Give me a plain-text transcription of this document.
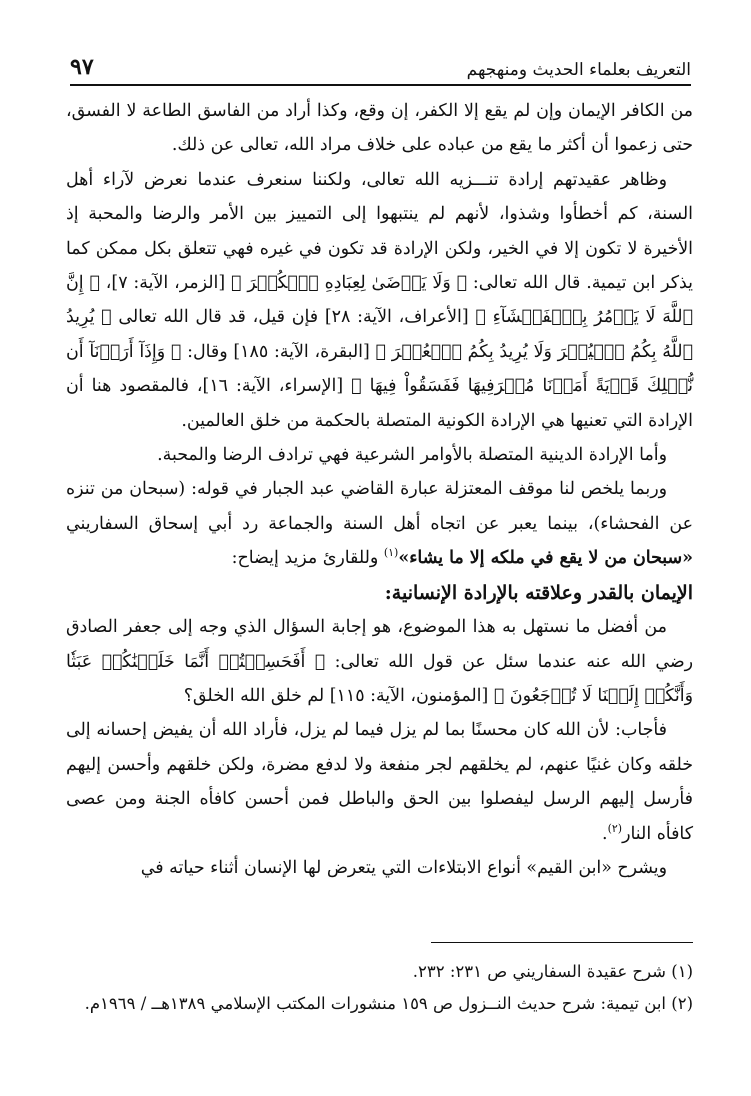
التعريف بعلماء الحديث ومنهجهم
٩٧

من الكافر الإيمان وإن لم يقع إلا الكفر، إن وقع، وكذا أراد من الفاسق الطاعة لا الفسق، حتى زعموا أن أكثر ما يقع من عباده على خلاف مراد الله، تعالى عن ذلك.

وظاهر عقيدتهم إرادة تنـــزيه الله تعالى، ولكننا سنعرف عندما نعرض لآراء أهل السنة، كم أخطأوا وشذوا، لأنهم لم ينتبهوا إلى التمييز بين الأمر والرضا والمحبة إذ الأخيرة لا تكون إلا في الخير، ولكن الإرادة قد تكون في غيره فهي تتعلق بكل ممكن كما يذكر ابن تيمية. قال الله تعالى: ﴿ وَلَا يَرۡضَىٰ لِعِبَادِهِ ٱلۡكُفۡرَ ﴾ [الزمر، الآية: ٧]، ﴿ إِنَّ ٱللَّهَ لَا يَأۡمُرُ بِٱلۡفَحۡشَآءِ ﴾ [الأعراف، الآية: ٢٨] فإن قيل، قد قال الله تعالى ﴿ يُرِيدُ ٱللَّهُ بِكُمُ ٱلۡيُسۡرَ وَلَا يُرِيدُ بِكُمُ ٱلۡعُسۡرَ ﴾ [البقرة، الآية: ١٨٥] وقال: ﴿ وَإِذَآ أَرَدۡنَآ أَن نُّهۡلِكَ قَرۡيَةً أَمَرۡنَا مُتۡرَفِيهَا فَفَسَقُواْ فِيهَا ﴾ [الإسراء، الآية: ١٦]، فالمقصود هنا أن الإرادة التي تعنيها هي الإرادة الكونية المتصلة بالحكمة من خلق العالمين.

وأما الإرادة الدينية المتصلة بالأوامر الشرعية فهي ترادف الرضا والمحبة.

وربما يلخص لنا موقف المعتزلة عبارة القاضي عبد الجبار في قوله: (سبحان من تنزه عن الفحشاء)، بينما يعبر عن اتجاه أهل السنة والجماعة رد أبي إسحاق السفاريني «سبحان من لا يقع في ملكه إلا ما يشاء»$^{(١)}$ وللقارئ مزيد إيضاح:

الإيمان بالقدر وعلاقته بالإرادة الإنسانية:

من أفضل ما نستهل به هذا الموضوع، هو إجابة السؤال الذي وجه إلى جعفر الصادق رضي الله عنه عندما سئل عن قول الله تعالى: ﴿ أَفَحَسِبۡتُمۡ أَنَّمَا خَلَقۡنَٰكُمۡ عَبَثٗا وَأَنَّكُمۡ إِلَيۡنَا لَا تُرۡجَعُونَ ﴾ [المؤمنون، الآية: ١١٥] لم خلق الله الخلق؟

فأجاب: لأن الله كان محسنًا بما لم يزل فيما لم يزل، فأراد الله أن يفيض إحسانه إلى خلقه وكان غنيًا عنهم، لم يخلقهم لجر منفعة ولا لدفع مضرة، ولكن خلقهم وأحسن إليهم فأرسل إليهم الرسل ليفصلوا بين الحق والباطل فمن أحسن كافأه الجنة ومن عصى كافأه النار$^{(٢)}$.

ويشرح «ابن القيم» أنواع الابتلاءات التي يتعرض لها الإنسان أثناء حياته في

(١) شرح عقيدة السفاريني ص ٢٣١: ٢٣٢.

(٢) ابن تيمية: شرح حديث النــزول ص ١٥٩ منشورات المكتب الإسلامي ١٣٨٩هــ / ١٩٦٩م.
